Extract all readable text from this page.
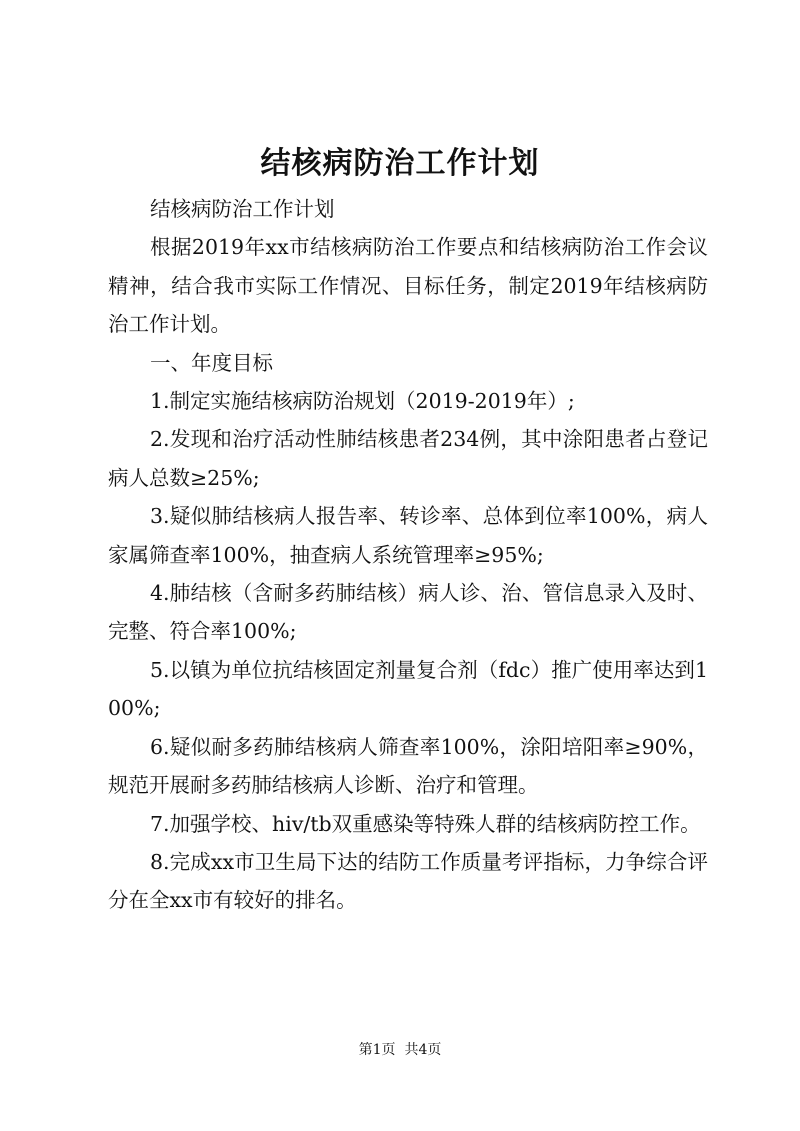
结核病防治工作计划

结核病防治工作计划

根据2019年xx市结核病防治工作要点和结核病防治工作会议精神，结合我市实际工作情况、目标任务，制定2019年结核病防治工作计划。

一、年度目标

1.制定实施结核病防治规划（2019-2019年）;

2.发现和治疗活动性肺结核患者234例，其中涂阳患者占登记病人总数≥25%;

3.疑似肺结核病人报告率、转诊率、总体到位率100%，病人家属筛查率100%，抽查病人系统管理率≥95%;

4.肺结核（含耐多药肺结核）病人诊、治、管信息录入及时、完整、符合率100%;

5.以镇为单位抗结核固定剂量复合剂（fdc）推广使用率达到100%;

6.疑似耐多药肺结核病人筛查率100%，涂阳培阳率≥90%，规范开展耐多药肺结核病人诊断、治疗和管理。

7.加强学校、hiv/tb双重感染等特殊人群的结核病防控工作。

8.完成xx市卫生局下达的结防工作质量考评指标，力争综合评分在全xx市有较好的排名。

第1页  共4页
